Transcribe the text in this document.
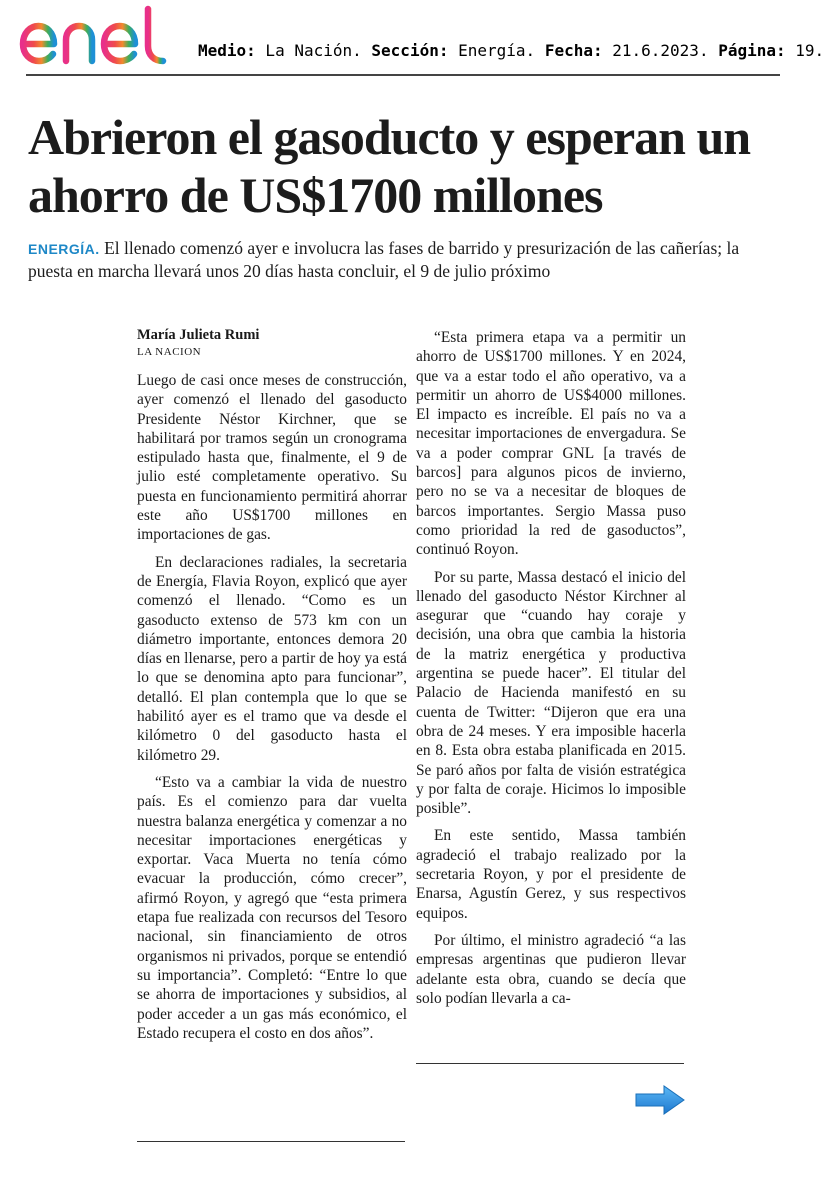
Medio: La Nación. Sección: Energía. Fecha: 21.6.2023. Página: 19.
Abrieron el gasoducto y esperan un ahorro de US$1700 millones

ENERGÍA. El llenado comenzó ayer e involucra las fases de barrido y presurización de las cañerías; la puesta en marcha llevará unos 20 días hasta concluir, el 9 de julio próximo

María Julieta Rumi
LA NACION

Luego de casi once meses de construcción, ayer comenzó el llenado del gasoducto Presidente Néstor Kirchner, que se habilitará por tramos según un cronograma estipulado hasta que, finalmente, el 9 de julio esté completamente operativo. Su puesta en funcionamiento permitirá ahorrar este año US$1700 millones en importaciones de gas.

En declaraciones radiales, la secretaria de Energía, Flavia Royon, explicó que ayer comenzó el llenado. “Como es un gasoducto extenso de 573 km con un diámetro importante, entonces demora 20 días en llenarse, pero a partir de hoy ya está lo que se denomina apto para funcionar”, detalló. El plan contempla que lo que se habilitó ayer es el tramo que va desde el kilómetro 0 del gasoducto hasta el kilómetro 29.

“Esto va a cambiar la vida de nuestro país. Es el comienzo para dar vuelta nuestra balanza energética y comenzar a no necesitar importaciones energéticas y exportar. Vaca Muerta no tenía cómo evacuar la producción, cómo crecer”, afirmó Royon, y agregó que “esta primera etapa fue realizada con recursos del Tesoro nacional, sin financiamiento de otros organismos ni privados, porque se entendió su importancia”. Completó: “Entre lo que se ahorra de importaciones y subsidios, al poder acceder a un gas más económico, el Estado recupera el costo en dos años”.

“Esta primera etapa va a permitir un ahorro de US$1700 millones. Y en 2024, que va a estar todo el año operativo, va a permitir un ahorro de US$4000 millones. El impacto es increíble. El país no va a necesitar importaciones de envergadura. Se va a poder comprar GNL [a través de barcos] para algunos picos de invierno, pero no se va a necesitar de bloques de barcos importantes. Sergio Massa puso como prioridad la red de gasoductos”, continuó Royon.

Por su parte, Massa destacó el inicio del llenado del gasoducto Néstor Kirchner al asegurar que “cuando hay coraje y decisión, una obra que cambia la historia de la matriz energética y productiva argentina se puede hacer”. El titular del Palacio de Hacienda manifestó en su cuenta de Twitter: “Dijeron que era una obra de 24 meses. Y era imposible hacerla en 8. Esta obra estaba planificada en 2015. Se paró años por falta de visión estratégica y por falta de coraje. Hicimos lo imposible posible”.

En este sentido, Massa también agradeció el trabajo realizado por la secretaria Royon, y por el presidente de Enarsa, Agustín Gerez, y sus respectivos equipos.

Por último, el ministro agradeció “a las empresas argentinas que pudieron llevar adelante esta obra, cuando se decía que solo podían llevarla a ca-
